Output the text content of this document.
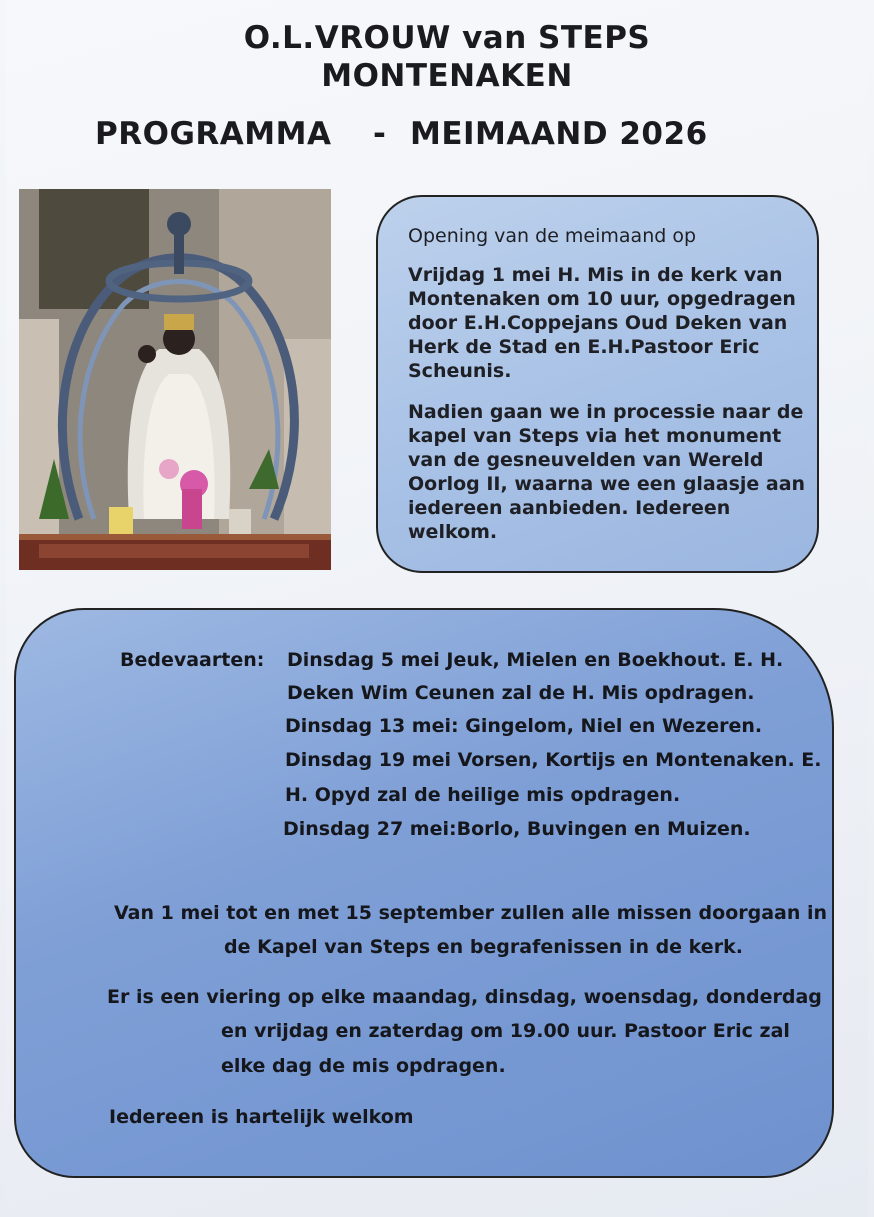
O.L.VROUW van STEPS
MONTENAKEN
PROGRAMMA - MEIMAAND 2026
Opening van de meimaand op
Vrijdag 1 mei H. Mis in de kerk van
Montenaken om 10 uur, opgedragen
door E.H.Coppejans Oud Deken van
Herk de Stad en E.H.Pastoor Eric
Scheunis.
Nadien gaan we in processie naar de
kapel van Steps via het monument
van de gesneuvelden van Wereld
Oorlog II, waarna we een glaasje aan
iedereen aanbieden. Iedereen
welkom.
Bedevaarten: Dinsdag 5 mei Jeuk, Mielen en Boekhout. E. H.
Deken Wim Ceunen zal de H. Mis opdragen.
Dinsdag 13 mei: Gingelom, Niel en Wezeren.
Dinsdag 19 mei Vorsen, Kortijs en Montenaken. E.
H. Opyd zal de heilige mis opdragen.
Dinsdag 27 mei:Borlo, Buvingen en Muizen.
Van 1 mei tot en met 15 september zullen alle missen doorgaan in
de Kapel van Steps en begrafenissen in de kerk.
Er is een viering op elke maandag, dinsdag, woensdag, donderdag
en vrijdag en zaterdag om 19.00 uur. Pastoor Eric zal
elke dag de mis opdragen.
Iedereen is hartelijk welkom
